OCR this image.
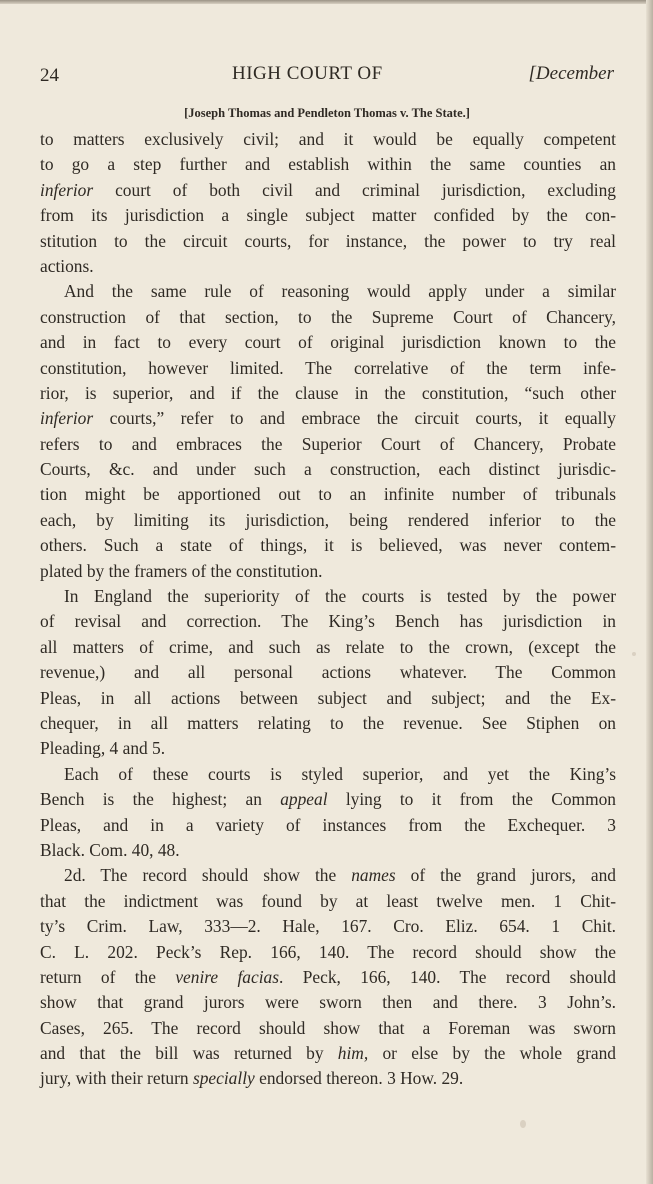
24	HIGH COURT OF	[December
[Joseph Thomas and Pendleton Thomas v. The State.]
to matters exclusively civil; and it would be equally competent
to go a step further and establish within the same counties an
inferior court of both civil and criminal jurisdiction, excluding
from its jurisdiction a single subject matter confided by the con-
stitution to the circuit courts, for instance, the power to try real
actions.
And the same rule of reasoning would apply under a similar
construction of that section, to the Supreme Court of Chancery,
and in fact to every court of original jurisdiction known to the
constitution, however limited. The correlative of the term infe-
rior, is superior, and if the clause in the constitution, “such other
inferior courts,” refer to and embrace the circuit courts, it equally
refers to and embraces the Superior Court of Chancery, Probate
Courts, &c. and under such a construction, each distinct jurisdic-
tion might be apportioned out to an infinite number of tribunals
each, by limiting its jurisdiction, being rendered inferior to the
others. Such a state of things, it is believed, was never contem-
plated by the framers of the constitution.
In England the superiority of the courts is tested by the power
of revisal and correction. The King’s Bench has jurisdiction in
all matters of crime, and such as relate to the crown, (except the
revenue,) and all personal actions whatever. The Common
Pleas, in all actions between subject and subject; and the Ex-
chequer, in all matters relating to the revenue. See Stiphen on
Pleading, 4 and 5.
Each of these courts is styled superior, and yet the King’s
Bench is the highest; an appeal lying to it from the Common
Pleas, and in a variety of instances from the Exchequer. 3
Black. Com. 40, 48.
2d. The record should show the names of the grand jurors, and
that the indictment was found by at least twelve men. 1 Chit-
ty’s Crim. Law, 333—2. Hale, 167. Cro. Eliz. 654. 1 Chit.
C. L. 202. Peck’s Rep. 166, 140. The record should show the
return of the venire facias. Peck, 166, 140. The record should
show that grand jurors were sworn then and there. 3 John’s.
Cases, 265. The record should show that a Foreman was sworn
and that the bill was returned by him, or else by the whole grand
jury, with their return specially endorsed thereon. 3 How. 29.
